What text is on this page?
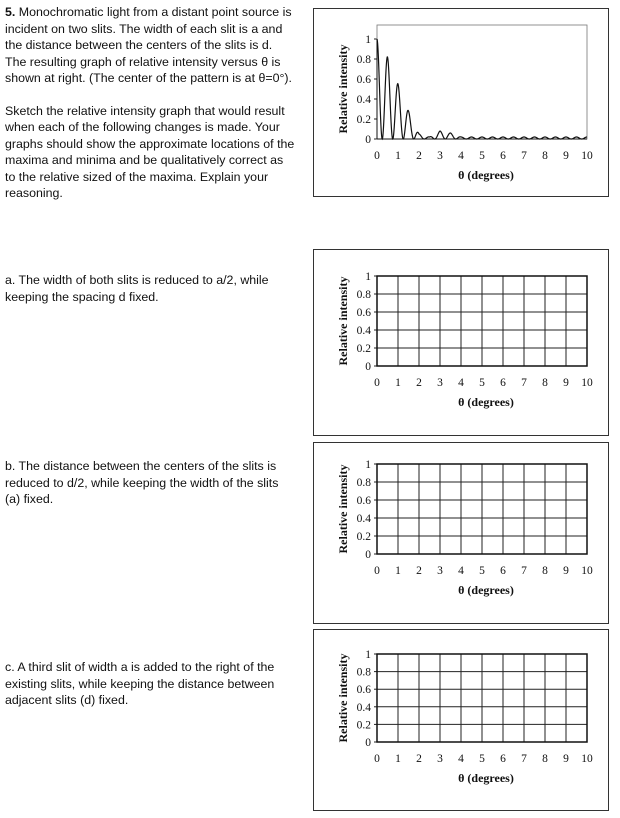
5. Monochromatic light from a distant point source is incident on two slits. The width of each slit is a and the distance between the centers of the slits is d. The resulting graph of relative intensity versus θ is shown at right. (The center of the pattern is at θ=0°).

Sketch the relative intensity graph that would result when each of the following changes is made. Your graphs should show the approximate locations of the maxima and minima and be qualitatively correct as to the relative sized of the maxima. Explain your reasoning.

a. The width of both slits is reduced to a/2, while keeping the spacing d fixed.
b. The distance between the centers of the slits is reduced to d/2, while keeping the width of the slits (a) fixed.
c. A third slit of width a is added to the right of the existing slits, while keeping the distance between adjacent slits (d) fixed.
Relative intensity
0
0.2
0.4
0.6
0.8
1
0 1 2 3 4 5 6 7 8 9 10
θ (degrees)
Relative intensity
0
0.2
0.4
0.6
0.8
1
0 1 2 3 4 5 6 7 8 9 10
θ (degrees)
Relative intensity
0
0.2
0.4
0.6
0.8
1
0 1 2 3 4 5 6 7 8 9 10
θ (degrees)
Relative intensity
0
0.2
0.4
0.6
0.8
1
0 1 2 3 4 5 6 7 8 9 10
θ (degrees)
